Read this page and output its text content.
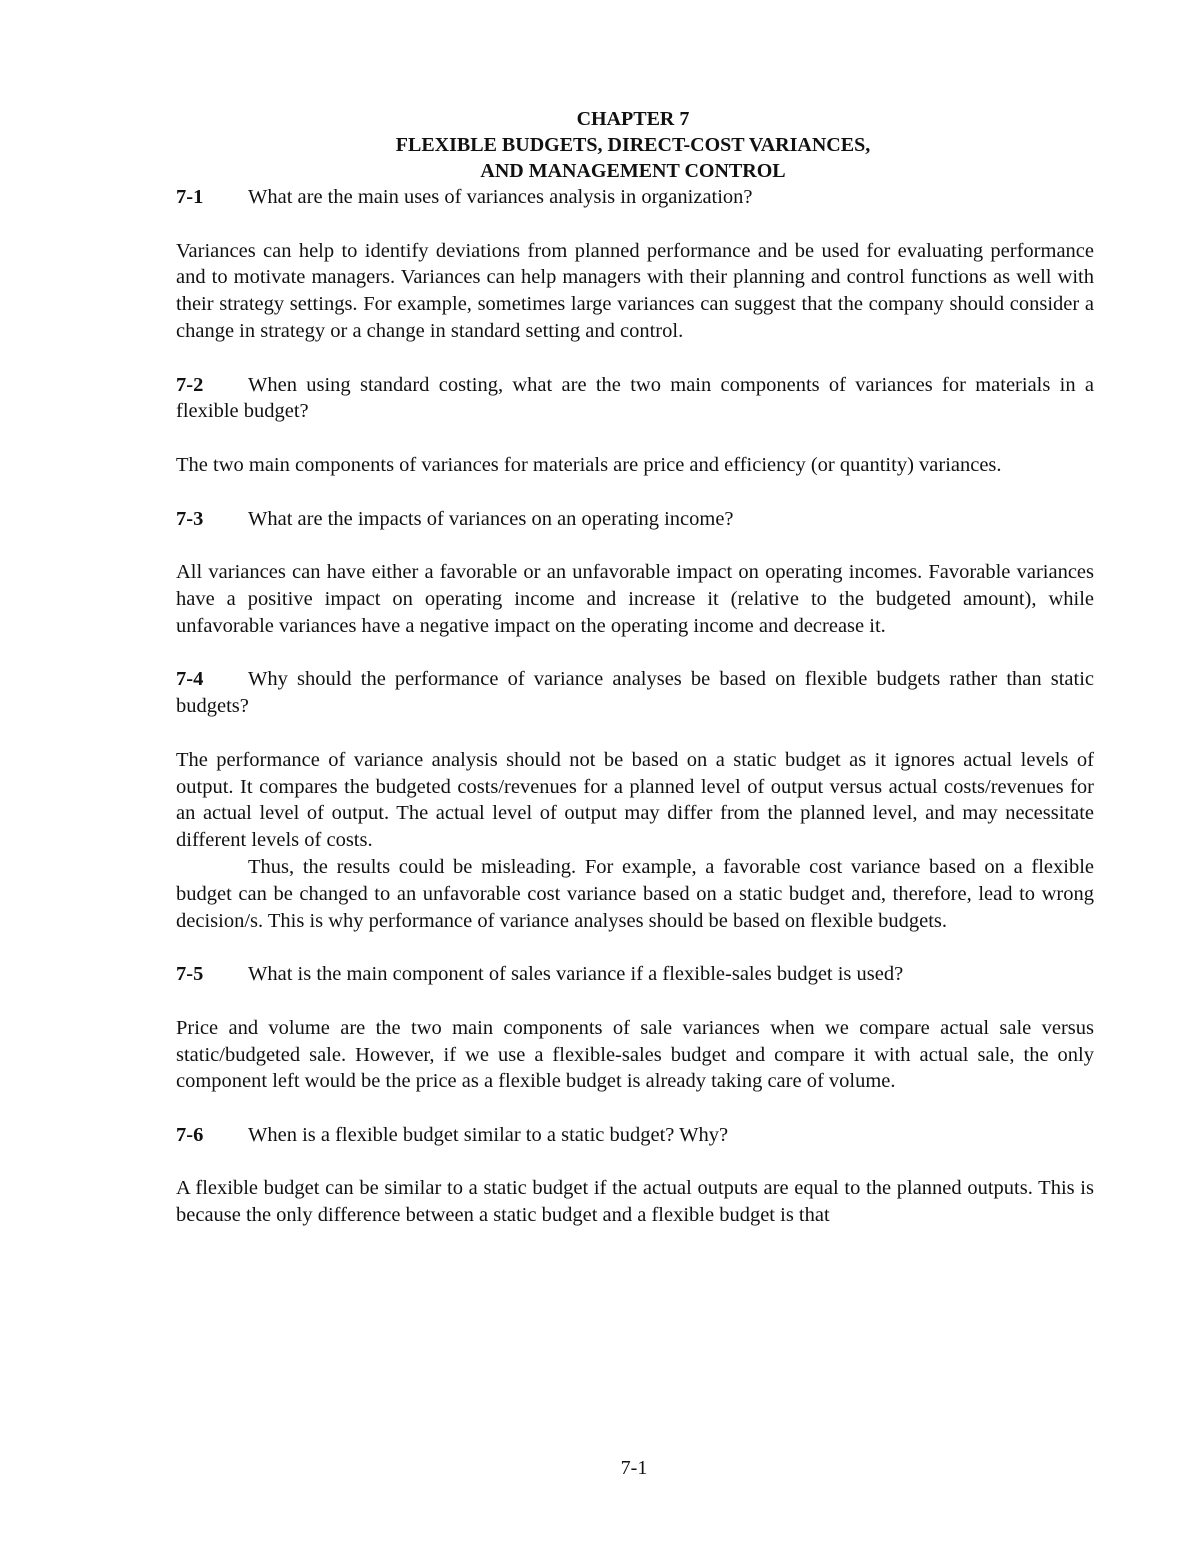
CHAPTER 7
FLEXIBLE BUDGETS, DIRECT-COST VARIANCES,
AND MANAGEMENT CONTROL
7-1	What are the main uses of variances analysis in organization?

Variances can help to identify deviations from planned performance and be used for evaluating performance and to motivate managers. Variances can help managers with their planning and control functions as well with their strategy settings. For example, sometimes large variances can suggest that the company should consider a change in strategy or a change in standard setting and control.

7-2 When using standard costing, what are the two main components of variances for materials in a flexible budget?

The two main components of variances for materials are price and efficiency (or quantity) variances.

7-3	What are the impacts of variances on an operating income?

All variances can have either a favorable or an unfavorable impact on operating incomes. Favorable variances have a positive impact on operating income and increase it (relative to the budgeted amount), while unfavorable variances have a negative impact on the operating income and decrease it.

7-4 Why should the performance of variance analyses be based on flexible budgets rather than static budgets?

The performance of variance analysis should not be based on a static budget as it ignores actual levels of output. It compares the budgeted costs/revenues for a planned level of output versus actual costs/revenues for an actual level of output. The actual level of output may differ from the planned level, and may necessitate different levels of costs.

Thus, the results could be misleading. For example, a favorable cost variance based on a flexible budget can be changed to an unfavorable cost variance based on a static budget and, therefore, lead to wrong decision/s. This is why performance of variance analyses should be based on flexible budgets.

7-5	What is the main component of sales variance if a flexible-sales budget is used?

Price and volume are the two main components of sale variances when we compare actual sale versus static/budgeted sale. However, if we use a flexible-sales budget and compare it with actual sale, the only component left would be the price as a flexible budget is already taking care of volume.

7-6	When is a flexible budget similar to a static budget? Why?

A flexible budget can be similar to a static budget if the actual outputs are equal to the planned outputs. This is because the only difference between a static budget and a flexible budget is that

7-1
